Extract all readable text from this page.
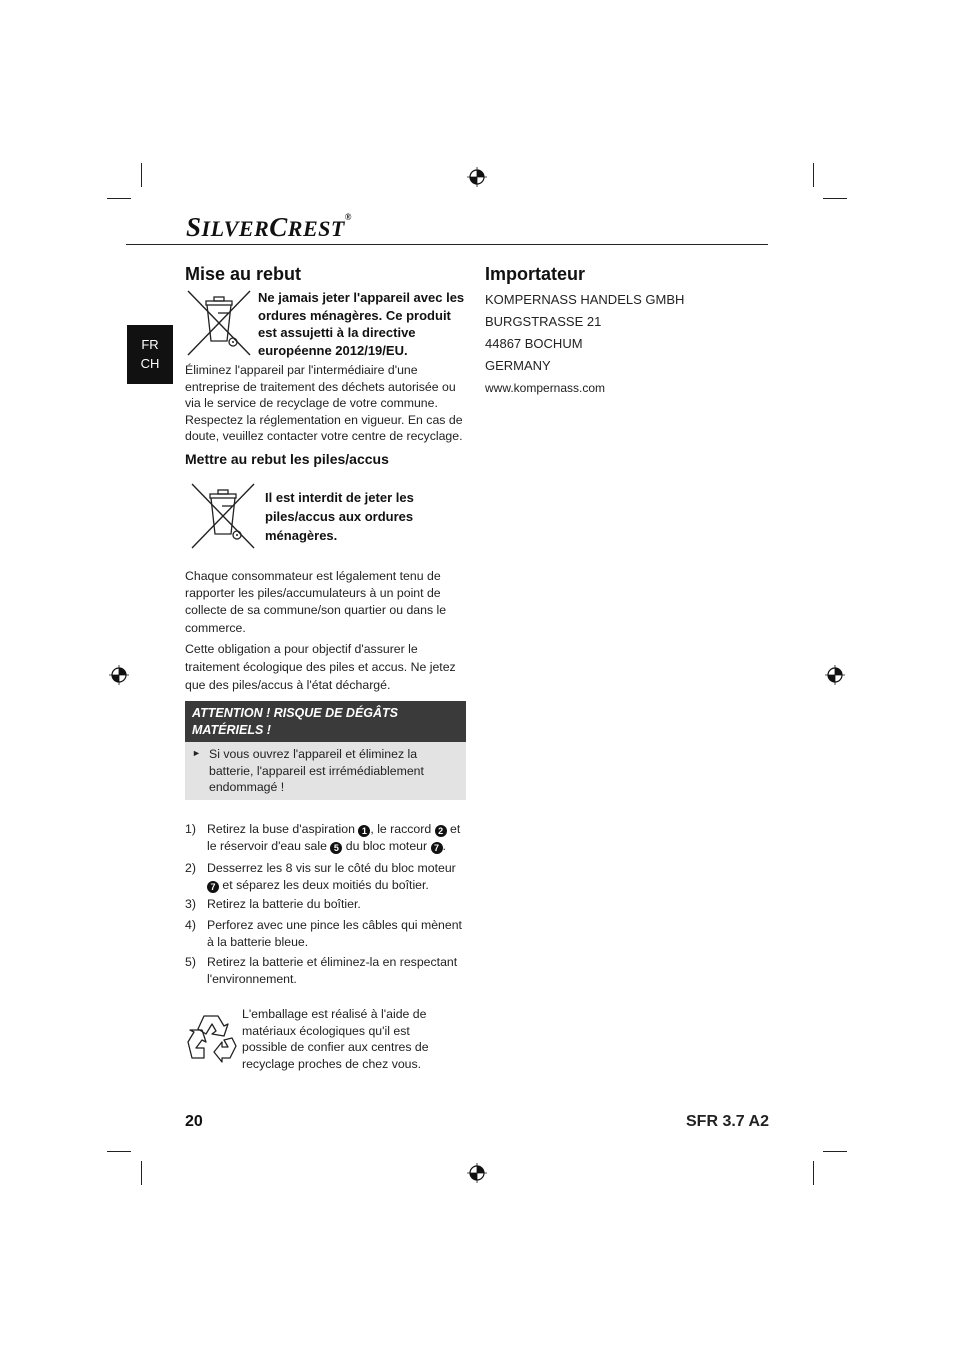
SILVERCREST®
FR
CH
Mise au rebut

Ne jamais jeter l'appareil avec les ordures ménagères. Ce produit est assujetti à la directive européenne 2012/19/EU.

Éliminez l'appareil par l'intermédiaire d'une entreprise de traitement des déchets autorisée ou via le service de recyclage de votre commune. Respectez la réglementation en vigueur. En cas de doute, veuillez contacter votre centre de recyclage.

Mettre au rebut les piles/accus

Il est interdit de jeter les piles/accus aux ordures ménagères.

Chaque consommateur est légalement tenu de rapporter les piles/accumulateurs à un point de collecte de sa commune/son quartier ou dans le commerce.

Cette obligation a pour objectif d'assurer le traitement écologique des piles et accus. Ne jetez que des piles/accus à l'état déchargé.

ATTENTION ! RISQUE DE DÉGÂTS MATÉRIELS !
► Si vous ouvrez l'appareil et éliminez la batterie, l'appareil est irrémédiablement endommagé !

1) Retirez la buse d'aspiration 1 , le raccord 2 et le réservoir d'eau sale 5 du bloc moteur 7 .
2) Desserrez les 8 vis sur le côté du bloc moteur 7 et séparez les deux moitiés du boîtier.
3) Retirez la batterie du boîtier.
4) Perforez avec une pince les câbles qui mènent à la batterie bleue.
5) Retirez la batterie et éliminez-la en respectant l'environnement.

L'emballage est réalisé à l'aide de matériaux écologiques qu'il est possible de confier aux centres de recyclage proches de chez vous.

Importateur
KOMPERNASS HANDELS GMBH
BURGSTRASSE 21
44867 BOCHUM
GERMANY
www.kompernass.com
20	SFR 3.7 A2
